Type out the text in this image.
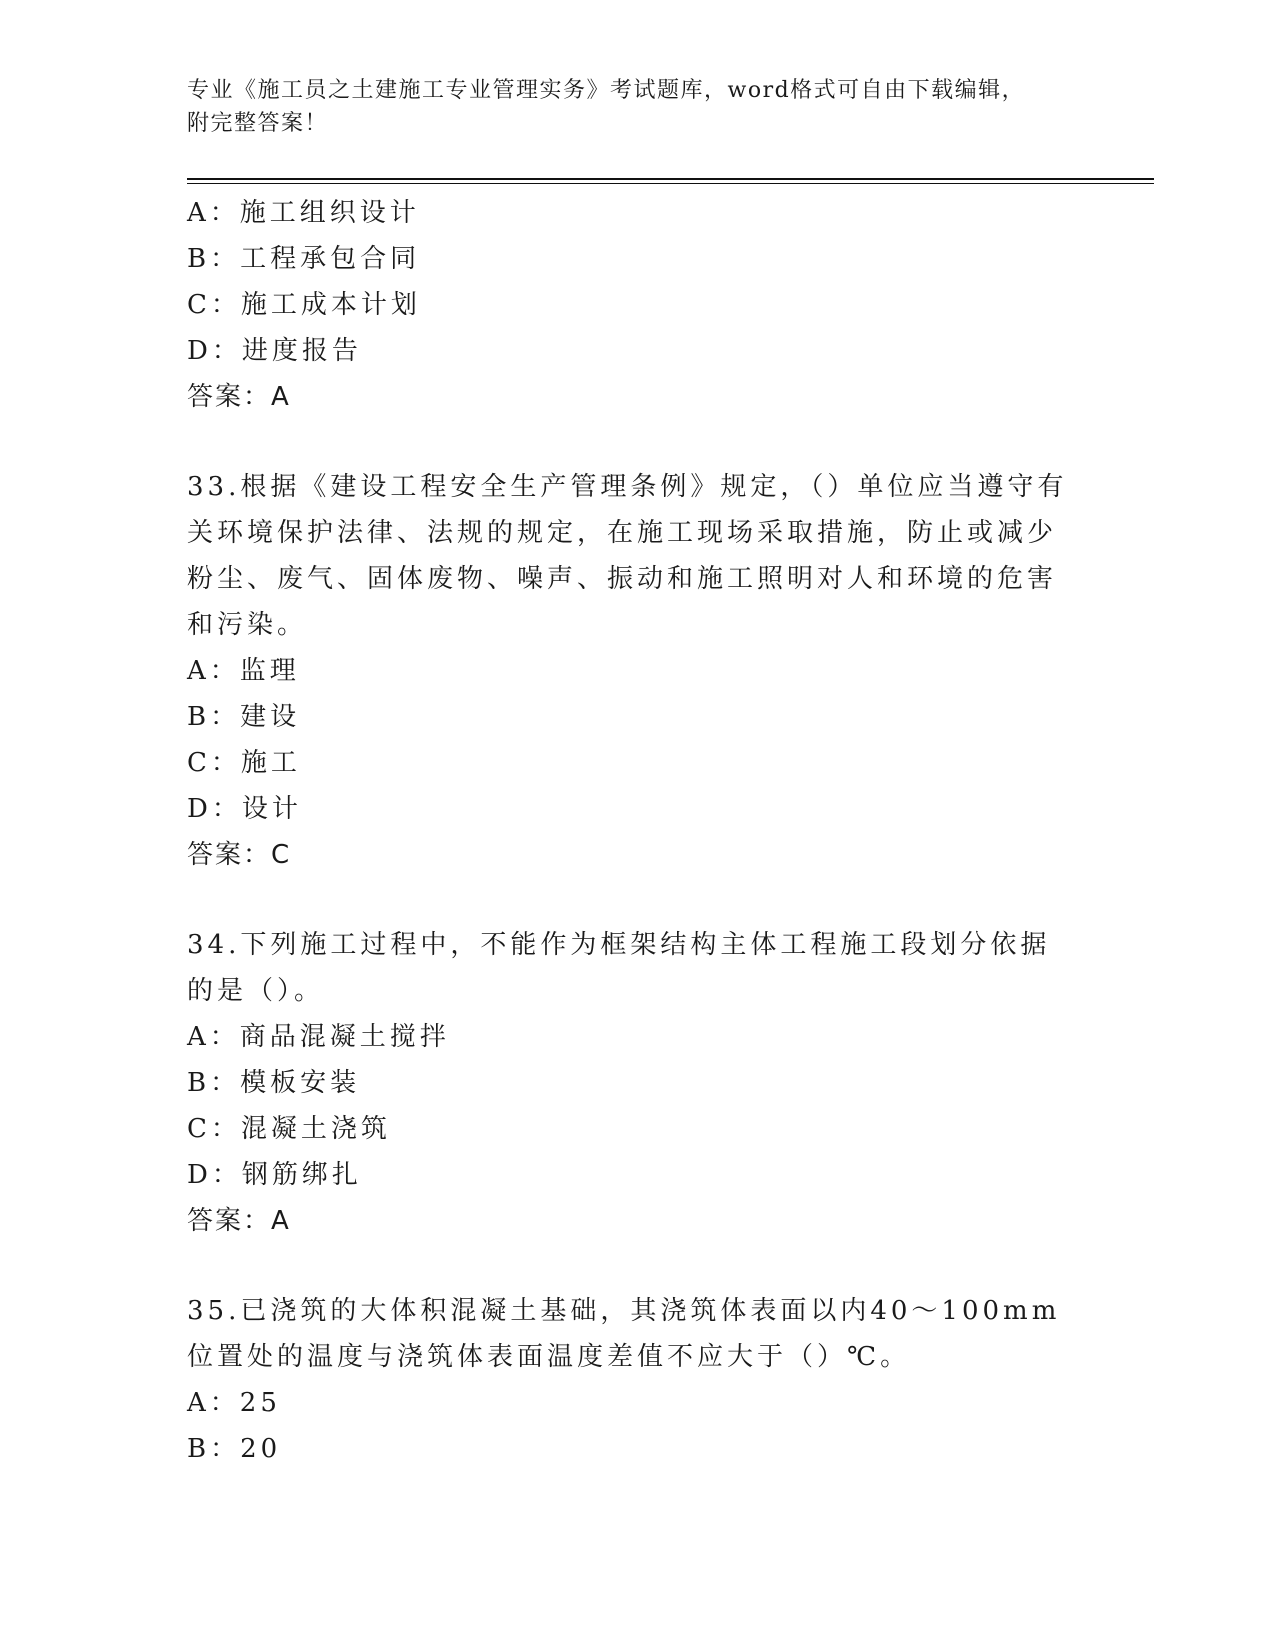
专业《施工员之土建施工专业管理实务》考试题库，word格式可自由下载编辑，
附完整答案！
A：施工组织设计
B：工程承包合同
C：施工成本计划
D：进度报告
答案：A
33.根据《建设工程安全生产管理条例》规定，（）单位应当遵守有关环境保护法律、法规的规定，在施工现场采取措施，防止或减少粉尘、废气、固体废物、噪声、振动和施工照明对人和环境的危害和污染。
A：监理
B：建设
C：施工
D：设计
答案：C
34.下列施工过程中，不能作为框架结构主体工程施工段划分依据的是（）。
A：商品混凝土搅拌
B：模板安装
C：混凝土浇筑
D：钢筋绑扎
答案：A
35.已浇筑的大体积混凝土基础，其浇筑体表面以内40～100mm位置处的温度与浇筑体表面温度差值不应大于（）℃。
A：25
B：20
